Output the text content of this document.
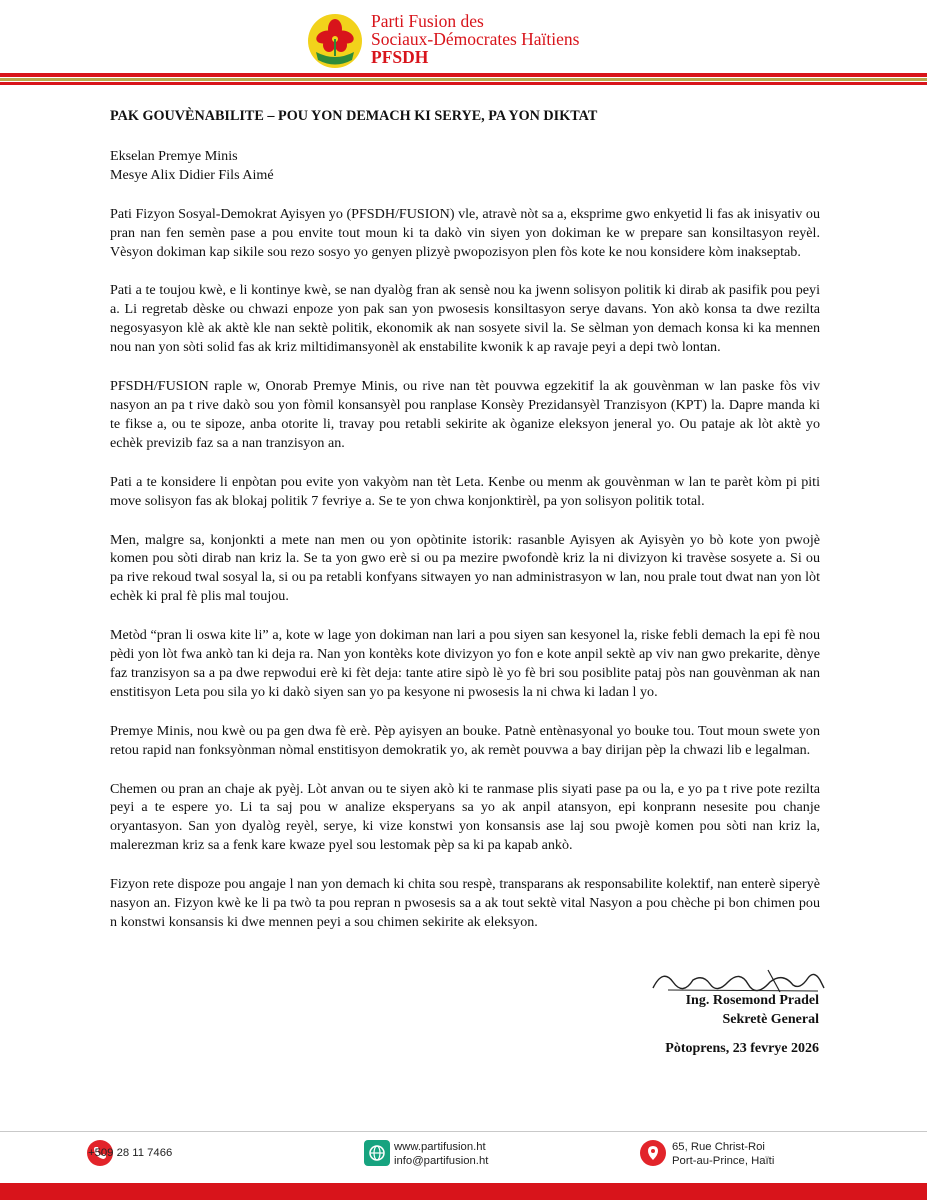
Parti Fusion des
Sociaux-Démocrates Haïtiens
PFSDH
PAK GOUVÈNABILITE – POU YON DEMACH KI SERYE, PA YON DIKTAT
Ekselan Premye Minis
Mesye Alix Didier Fils Aimé

Pati Fizyon Sosyal-Demokrat Ayisyen yo (PFSDH/FUSION) vle, atravè nòt sa a, eksprime gwo enkyetid li fas ak inisyativ ou pran nan fen semèn pase a pou envite tout moun ki ta dakò vin siyen yon dokiman ke w prepare san konsiltasyon reyèl. Vèsyon dokiman kap sikile sou rezo sosyo yo genyen plizyè pwopozisyon plen fòs kote ke nou konsidere kòm inakseptab.

Pati a te toujou kwè, e li kontinye kwè, se nan dyalòg fran ak sensè nou ka jwenn solisyon politik ki dirab ak pasifik pou peyi a. Li regretab dèske ou chwazi enpoze yon pak san yon pwosesis konsiltasyon serye davans. Yon akò konsa ta dwe rezilta negosyasyon klè ak aktè kle nan sektè politik, ekonomik ak nan sosyete sivil la. Se sèlman yon demach konsa ki ka mennen nou nan yon sòti solid fas ak kriz miltidimansyonèl ak enstabilite kwonik k ap ravaje peyi a depi twò lontan.

PFSDH/FUSION raple w, Onorab Premye Minis, ou rive nan tèt pouvwa egzekitif la ak gouvènman w lan paske fòs viv nasyon an pa t rive dakò sou yon fòmil konsansyèl pou ranplase Konsèy Prezidansyèl Tranzisyon (KPT) la. Dapre manda ki te fikse a, ou te sipoze, anba otorite li, travay pou retabli sekirite ak òganize eleksyon jeneral yo. Ou pataje ak lòt aktè yo echèk previzib faz sa a nan tranzisyon an.

Pati a te konsidere li enpòtan pou evite yon vakyòm nan tèt Leta. Kenbe ou menm ak gouvènman w lan te parèt kòm pi piti move solisyon fas ak blokaj politik 7 fevriye a. Se te yon chwa konjonktirèl, pa yon solisyon politik total.

Men, malgre sa, konjonkti a mete nan men ou yon opòtinite istorik: rasanble Ayisyen ak Ayisyèn yo bò kote yon pwojè komen pou sòti dirab nan kriz la. Se ta yon gwo erè si ou pa mezire pwofondè kriz la ni divizyon ki travèse sosyete a. Si ou pa rive rekoud twal sosyal la, si ou pa retabli konfyans sitwayen yo nan administrasyon w lan, nou prale tout dwat nan yon lòt echèk ki pral fè plis mal toujou.

Metòd “pran li oswa kite li” a, kote w lage yon dokiman nan lari a pou siyen san kesyonel la, riske febli demach la epi fè nou pèdi yon lòt fwa ankò tan ki deja ra. Nan yon kontèks kote divizyon yo fon e kote anpil sektè ap viv nan gwo prekarite, dènye faz tranzisyon sa a pa dwe repwodui erè ki fèt deja: tante atire sipò lè yo fè bri sou posiblite pataj pòs nan gouvènman ak nan enstitisyon Leta pou sila yo ki dakò siyen san yo pa kesyone ni pwosesis la ni chwa ki ladan l yo.

Premye Minis, nou kwè ou pa gen dwa fè erè. Pèp ayisyen an bouke. Patnè entènasyonal yo bouke tou. Tout moun swete yon retou rapid nan fonksyònman nòmal enstitisyon demokratik yo, ak remèt pouvwa a bay dirijan pèp la chwazi lib e legalman.

Chemen ou pran an chaje ak pyèj. Lòt anvan ou te siyen akò ki te ranmase plis siyati pase pa ou la, e yo pa t rive pote rezilta peyi a te espere yo. Li ta saj pou w analize eksperyans sa yo ak anpil atansyon, epi konprann nesesite pou chanje oryantasyon. San yon dyalòg reyèl, serye, ki vize konstwi yon konsansis ase laj sou pwojè komen pou sòti nan kriz la, malerezman kriz sa a fenk kare kwaze pyel sou lestomak pèp sa ki pa kapab ankò.

Fizyon rete dispoze pou angaje l nan yon demach ki chita sou respè, transparans ak responsabilite kolektif, nan enterè siperyè nasyon an. Fizyon kwè ke li pa twò ta pou repran n pwosesis sa a ak tout sektè vital Nasyon a pou chèche pi bon chimen pou n konstwi konsansis ki dwe mennen peyi a sou chimen sekirite ak eleksyon.

Ing. Rosemond Pradel
Sekretè General
Pòtoprens, 23 fevrye 2026
+509 28 11 7466	www.partifusion.ht
info@partifusion.ht
65, Rue Christ-Roi
Port-au-Prince, Haïti
